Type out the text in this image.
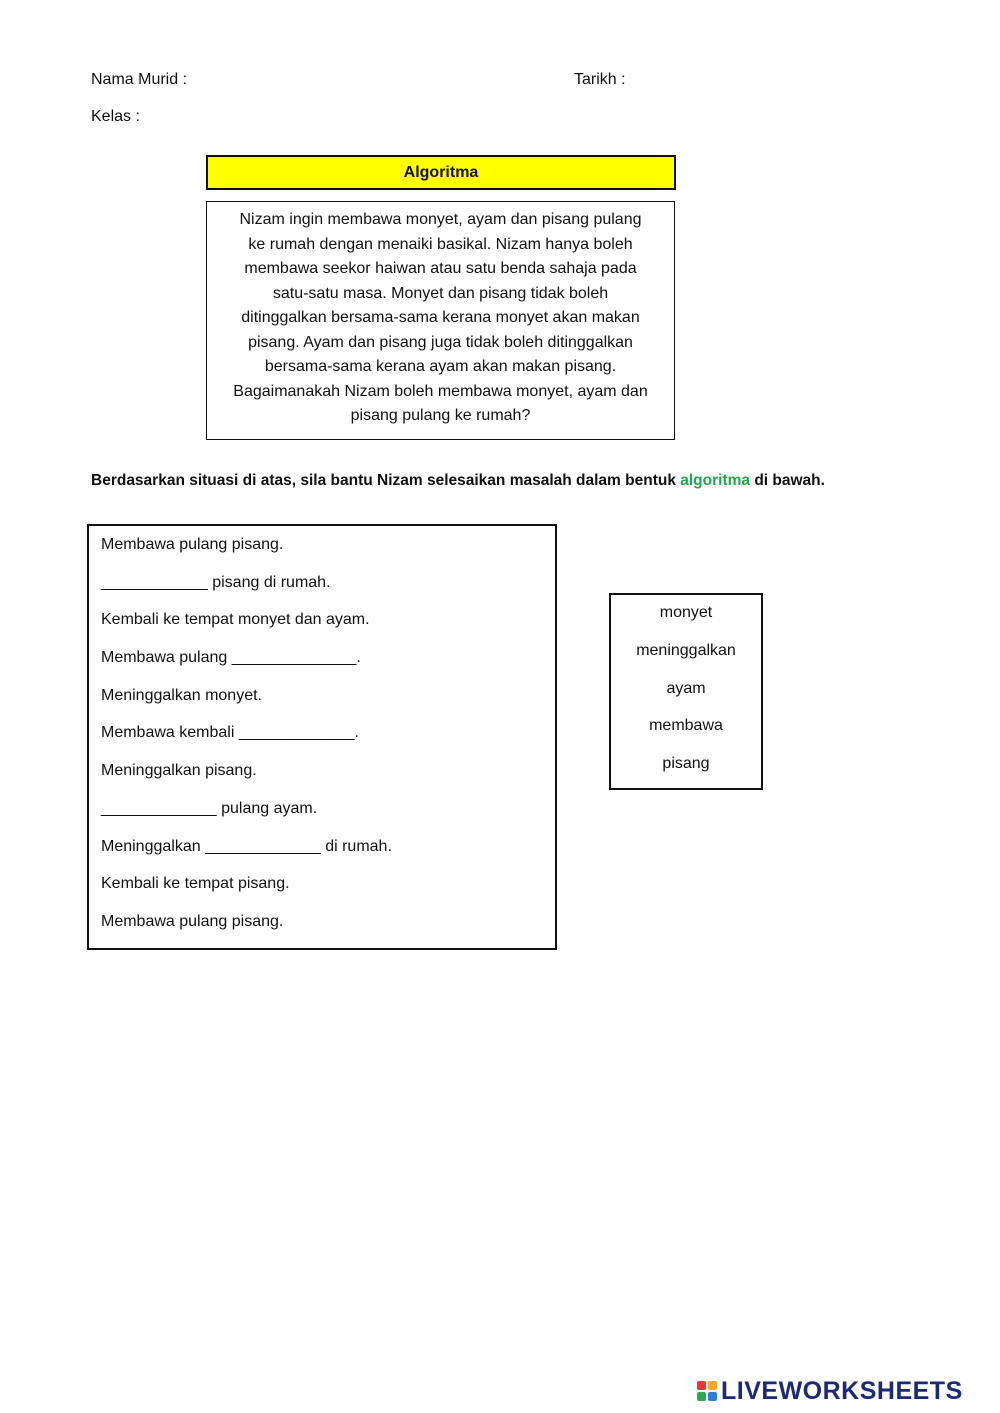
Nama Murid :	Tarikh :
Kelas :
Algoritma
Nizam ingin membawa monyet, ayam dan pisang pulang
ke rumah dengan menaiki basikal. Nizam hanya boleh
membawa seekor haiwan atau satu benda sahaja pada
satu-satu masa. Monyet dan pisang tidak boleh
ditinggalkan bersama-sama kerana monyet akan makan
pisang. Ayam dan pisang juga tidak boleh ditinggalkan
bersama-sama kerana ayam akan makan pisang.
Bagaimanakah Nizam boleh membawa monyet, ayam dan
pisang pulang ke rumah?
Berdasarkan situasi di atas, sila bantu Nizam selesaikan masalah dalam bentuk algoritma di bawah.
Membawa pulang pisang.
____________ pisang di rumah.
Kembali ke tempat monyet dan ayam.
Membawa pulang ______________.
Meninggalkan monyet.
Membawa kembali _____________.
Meninggalkan pisang.
_____________ pulang ayam.
Meninggalkan _____________ di rumah.
Kembali ke tempat pisang.
Membawa pulang pisang.
monyet
meninggalkan
ayam
membawa
pisang
LIVEWORKSHEETS
